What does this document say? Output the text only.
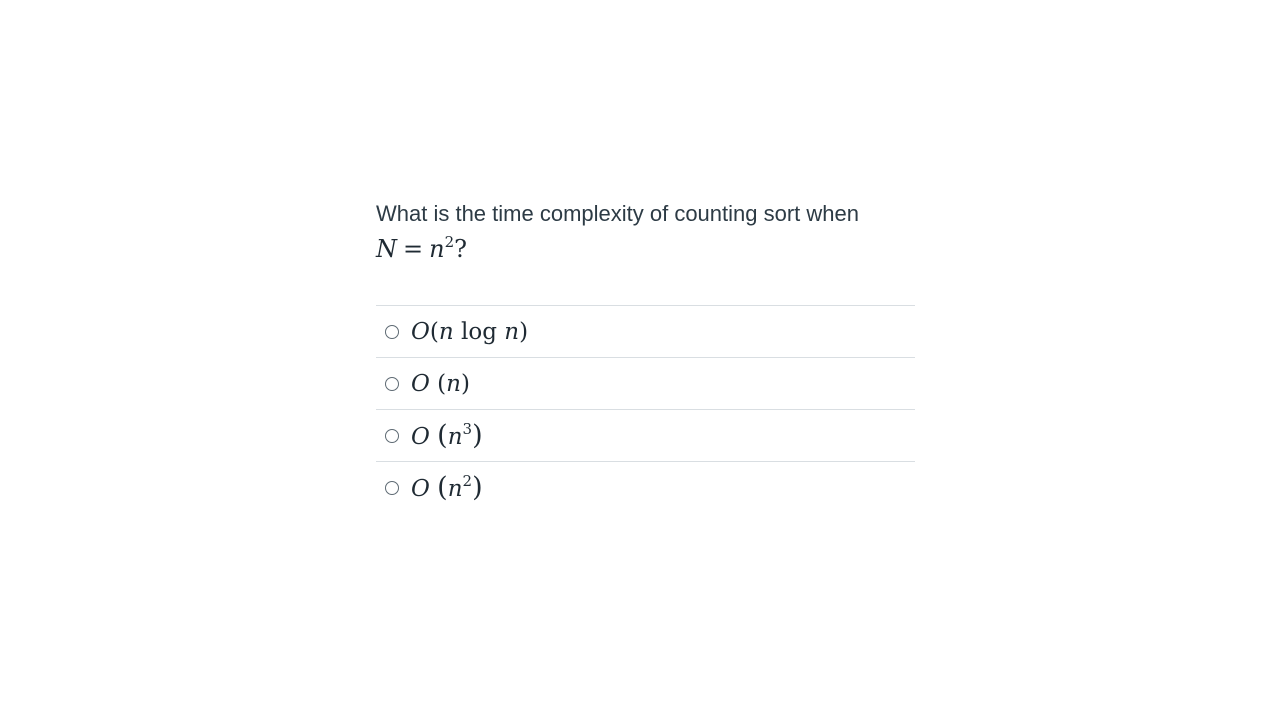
What is the time complexity of counting sort when

$N = n^2$?
O(n log n)
O (n)
O $(n^3)$
O $(n^2)$
